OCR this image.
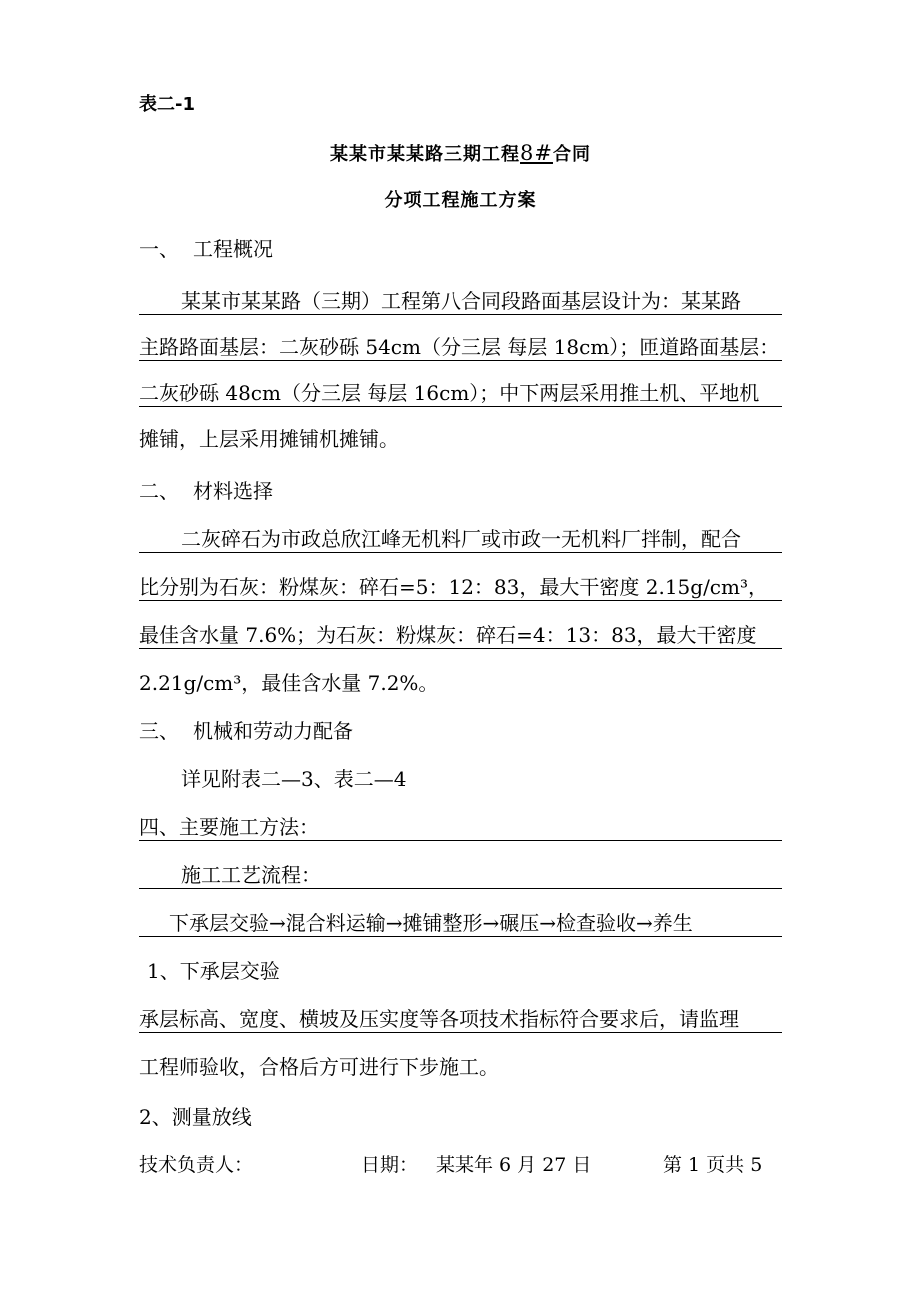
表二-1
某某市某某路三期工程8#合同
分项工程施工方案
一、 工程概况
某某市某某路（三期）工程第八合同段路面基层设计为：某某路
主路路面基层：二灰砂砾 54cm（分三层 每层 18cm）；匝道路面基层：
二灰砂砾 48cm（分三层 每层 16cm）；中下两层采用推土机、平地机
摊铺，上层采用摊铺机摊铺。
二、 材料选择
二灰碎石为市政总欣江峰无机料厂或市政一无机料厂拌制，配合
比分别为石灰：粉煤灰：碎石=5：12：83，最大干密度 2.15g/cm³，
最佳含水量 7.6%；为石灰：粉煤灰：碎石=4：13：83，最大干密度
2.21g/cm³，最佳含水量 7.2%。
三、 机械和劳动力配备
详见附表二—3、表二—4
四、主要施工方法：
施工工艺流程：
下承层交验→混合料运输→摊铺整形→碾压→检查验收→养生
1、下承层交验
承层标高、宽度、横坡及压实度等各项技术指标符合要求后，请监理
工程师验收，合格后方可进行下步施工。
2、测量放线
技术负责人：	日期： 某某年 6 月 27 日	第 1 页共 5
